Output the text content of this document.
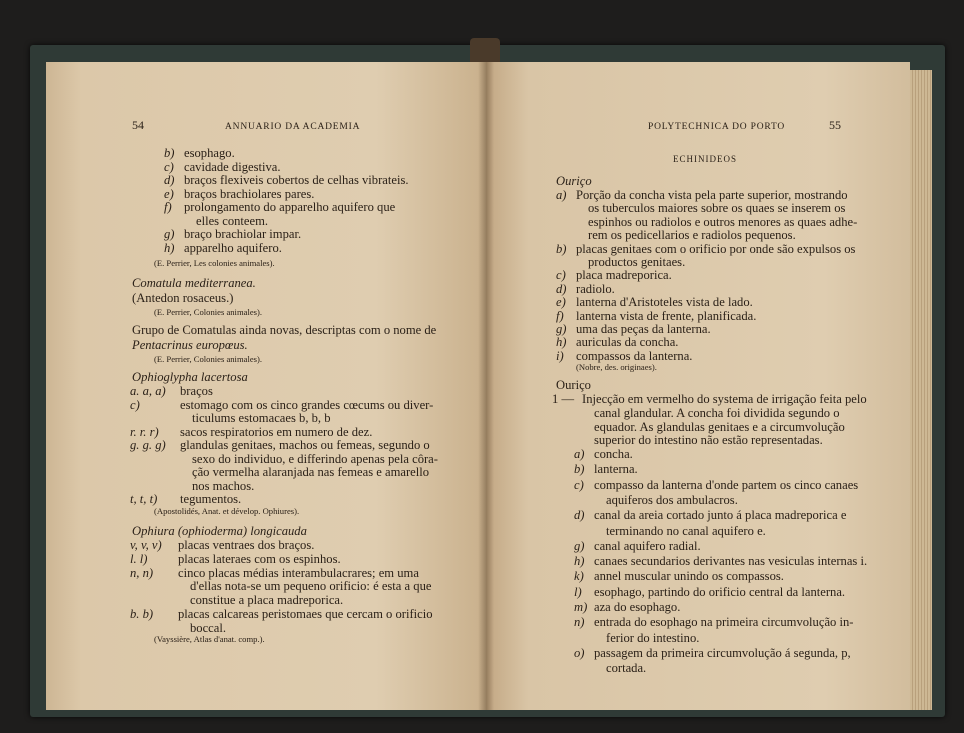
54	ANNUARIO DA ACADEMIA
b) esophago.
c) cavidade digestiva.
d) braços flexiveis cobertos de celhas vibrateis.
e) braços brachiolares pares.
f) prolongamento do apparelho aquifero que
elles conteem.
g) braço brachiolar impar.
h) apparelho aquifero.
(E. Perrier, Les colonies animales).
Comatula mediterranea.
(Antedon rosaceus.)
(E. Perrier, Colonies animales).
Grupo de Comatulas ainda novas, descriptas com o nome de
Pentacrinus europœus.
(E. Perrier, Colonies animales).
Ophioglypha lacertosa
a. a, a) braços
c)	estomago com os cinco grandes cœcums ou diver-
ticulums estomacaes b, b, b
r. r. r) sacos respiratorios em numero de dez.
g. g. g) glandulas genitaes, machos ou femeas, segundo o
sexo do individuo, e differindo apenas pela côra-
ção vermelha alaranjada nas femeas e amarello
nos machos.
t, t, t) tegumentos.
(Apostolidés, Anat. et dévelop. Ophiures).
Ophiura (ophioderma) longicauda
v, v, v) placas ventraes dos braços.
l. l) placas lateraes com os espinhos.
n, n) cinco placas médias interambulacrares; em uma
d'ellas nota-se um pequeno orificio: é esta a que
constitue a placa madreporica.
b. b) placas calcareas peristomaes que cercam o orificio
boccal.
(Vayssière, Atlas d'anat. comp.).
POLYTECHNICA DO PORTO	55
ECHINIDEOS
Ouriço
a) Porção da concha vista pela parte superior, mostrando
os tuberculos maiores sobre os quaes se inserem os
espinhos ou radiolos e outros menores as quaes adhe-
rem os pedicellarios e radiolos pequenos.
b) placas genitaes com o orificio por onde são expulsos os
productos genitaes.
c) placa madreporica.
d) radiolo.
e) lanterna d'Aristoteles vista de lado.
f) lanterna vista de frente, planificada.
g) uma das peças da lanterna.
h) auriculas da concha.
i) compassos da lanterna.
(Nobre, des. originaes).
Ouriço
1 — Injecção em vermelho do systema de irrigação feita pelo
canal glandular. A concha foi dividida segundo o
equador. As glandulas genitaes e a circumvolução
superior do intestino não estão representadas.
a) concha.
b) lanterna.
c) compasso da lanterna d'onde partem os cinco canaes
aquiferos dos ambulacros.
d) canal da areia cortado junto á placa madreporica e
terminando no canal aquifero e.
g) canal aquifero radial.
h) canaes secundarios derivantes nas vesiculas internas i.
k) annel muscular unindo os compassos.
l) esophago, partindo do orificio central da lanterna.
m) aza do esophago.
n) entrada do esophago na primeira circumvolução in-
ferior do intestino.
o) passagem da primeira circumvolução á segunda, p,
cortada.
